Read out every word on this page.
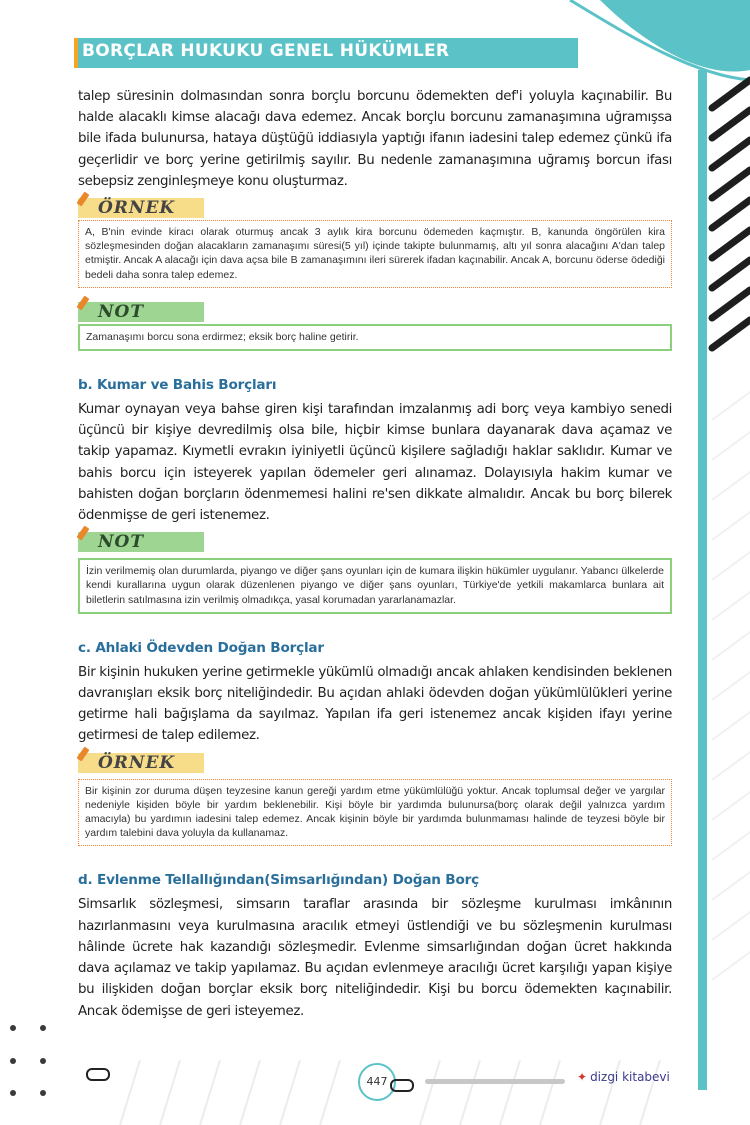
BORÇLAR HUKUKU GENEL HÜKÜMLER

talep süresinin dolmasından sonra borçlu borcunu ödemekten def'i yoluyla kaçınabilir. Bu halde alacaklı kimse alacağı dava edemez. Ancak borçlu borcunu zamanaşımına uğramışsa bile ifada bulunursa, hataya düştüğü iddiasıyla yaptığı ifanın iadesini talep edemez çünkü ifa geçerlidir ve borç yerine getirilmiş sayılır. Bu nedenle zamanaşımına uğramış borcun ifası sebepsiz zenginleşmeye konu oluşturmaz.

ÖRNEK
A, B'nin evinde kiracı olarak oturmuş ancak 3 aylık kira borcunu ödemeden kaçmıştır. B, kanunda öngörülen kira sözleşmesinden doğan alacakların zamanaşımı süresi(5 yıl) içinde takipte bulunmamış, altı yıl sonra alacağını A'dan talep etmiştir. Ancak A alacağı için dava açsa bile B zamanaşımını ileri sürerek ifadan kaçınabilir. Ancak A, borcunu öderse ödediği bedeli daha sonra talep edemez.
NOT
Zamanaşımı borcu sona erdirmez; eksik borç haline getirir.
b. Kumar ve Bahis Borçları

Kumar oynayan veya bahse giren kişi tarafından imzalanmış adi borç veya kambiyo senedi üçüncü bir kişiye devredilmiş olsa bile, hiçbir kimse bunlara dayanarak dava açamaz ve takip yapamaz. Kıymetli evrakın iyiniyetli üçüncü kişilere sağladığı haklar saklıdır. Kumar ve bahis borcu için isteyerek yapılan ödemeler geri alınamaz. Dolayısıyla hakim kumar ve bahisten doğan borçların ödenmemesi halini re'sen dikkate almalıdır. Ancak bu borç bilerek ödenmişse de geri istenemez.

NOT
İzin verilmemiş olan durumlarda, piyango ve diğer şans oyunları için de kumara ilişkin hükümler uygulanır. Yabancı ülkelerde kendi kurallarına uygun olarak düzenlenen piyango ve diğer şans oyunları, Türkiye'de yetkili makamlarca bunlara ait biletlerin satılmasına izin verilmiş olmadıkça, yasal korumadan yararlanamazlar.
c. Ahlaki Ödevden Doğan Borçlar

Bir kişinin hukuken yerine getirmekle yükümlü olmadığı ancak ahlaken kendisinden beklenen davranışları eksik borç niteliğindedir. Bu açıdan ahlaki ödevden doğan yükümlülükleri yerine getirme hali bağışlama da sayılmaz. Yapılan ifa geri istenemez ancak kişiden ifayı yerine getirmesi de talep edilemez.

ÖRNEK
Bir kişinin zor duruma düşen teyzesine kanun gereği yardım etme yükümlülüğü yoktur. Ancak toplumsal değer ve yargılar nedeniyle kişiden böyle bir yardım beklenebilir. Kişi böyle bir yardımda bulunursa(borç olarak değil yalnızca yardım amacıyla) bu yardımın iadesini talep edemez. Ancak kişinin böyle bir yardımda bulunmaması halinde de teyzesi böyle bir yardım talebini dava yoluyla da kullanamaz.
d. Evlenme Tellallığından(Simsarlığından) Doğan Borç

Simsarlık sözleşmesi, simsarın taraflar arasında bir sözleşme kurulması imkânının hazırlanmasını veya kurulmasına aracılık etmeyi üstlendiği ve bu sözleşmenin kurulması hâlinde ücrete hak kazandığı sözleşmedir. Evlenme simsarlığından doğan ücret hakkında dava açılamaz ve takip yapılamaz. Bu açıdan evlenmeye aracılığı ücret karşılığı yapan kişiye bu ilişkiden doğan borçlar eksik borç niteliğindedir. Kişi bu borcu ödemekten kaçınabilir. Ancak ödemişse de geri isteyemez.

447	✦ dizgi kitabevi
